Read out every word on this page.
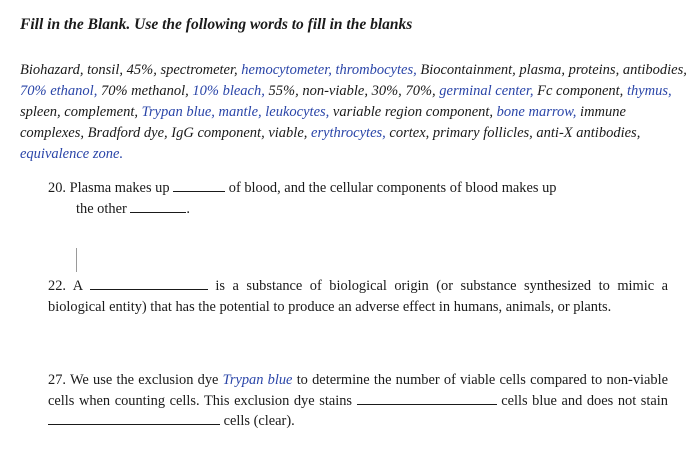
Fill in the Blank. Use the following words to fill in the blanks
Biohazard, tonsil, 45%, spectrometer, hemocytometer, thrombocytes, Biocontainment, plasma, proteins, antibodies, 70% ethanol, 70% methanol, 10% bleach, 55%, non-viable, 30%, 70%, germinal center, Fc component, thymus, spleen, complement, Trypan blue, mantle, leukocytes, variable region component, bone marrow, immune complexes, Bradford dye, IgG component, viable, erythrocytes, cortex, primary follicles, anti-X antibodies, equivalence zone.
20. Plasma makes up	of blood, and the cellular components of blood makes up
the other	.
22. A	is a substance of biological origin (or substance synthesized to mimic a biological entity) that has the potential to produce an adverse effect in humans, animals, or plants.
27. We use the exclusion dye Trypan blue to determine the number of viable cells compared to non-viable cells when counting cells. This exclusion dye stains	cells blue and does not stain  cells (clear).
